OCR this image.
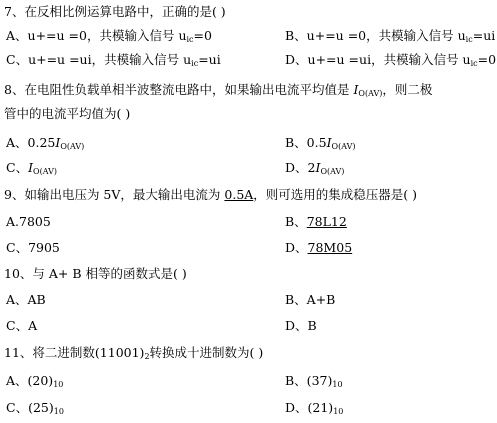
7、在反相比例运算电路中，正确的是( )
A、u+=u =0，共模输入信号 $u_{ic}=0$	B、u+=u =0，共模输入信号 $u_{ic}=ui$
C、u+=u =ui，共模输入信号 $u_{ic}=ui$	D、u+=u =ui，共模输入信号 $u_{ic}=0$
8、在电阻性负载单相半波整流电路中，如果输出电流平均值是 $I_{O(AV)}$，则二极
管中的电流平均值为( )
A、$0.25I_{O(AV)}$	B、$0.5I_{O(AV)}$
C、$I_{O(AV)}$	D、$2I_{O(AV)}$
9、如输出电压为 5V，最大输出电流为 0.5A，则可选用的集成稳压器是( )
A.7805	B、78L12
C、7905	D、78M05
10、与 A+ B 相等的函数式是( )
A、AB	B、A+B
C、A	D、B
11、将二进制数$(11001)_2$转换成十进制数为( )
A、$(20)_{10}$	B、$(37)_{10}$
C、$(25)_{10}$	D、$(21)_{10}$
